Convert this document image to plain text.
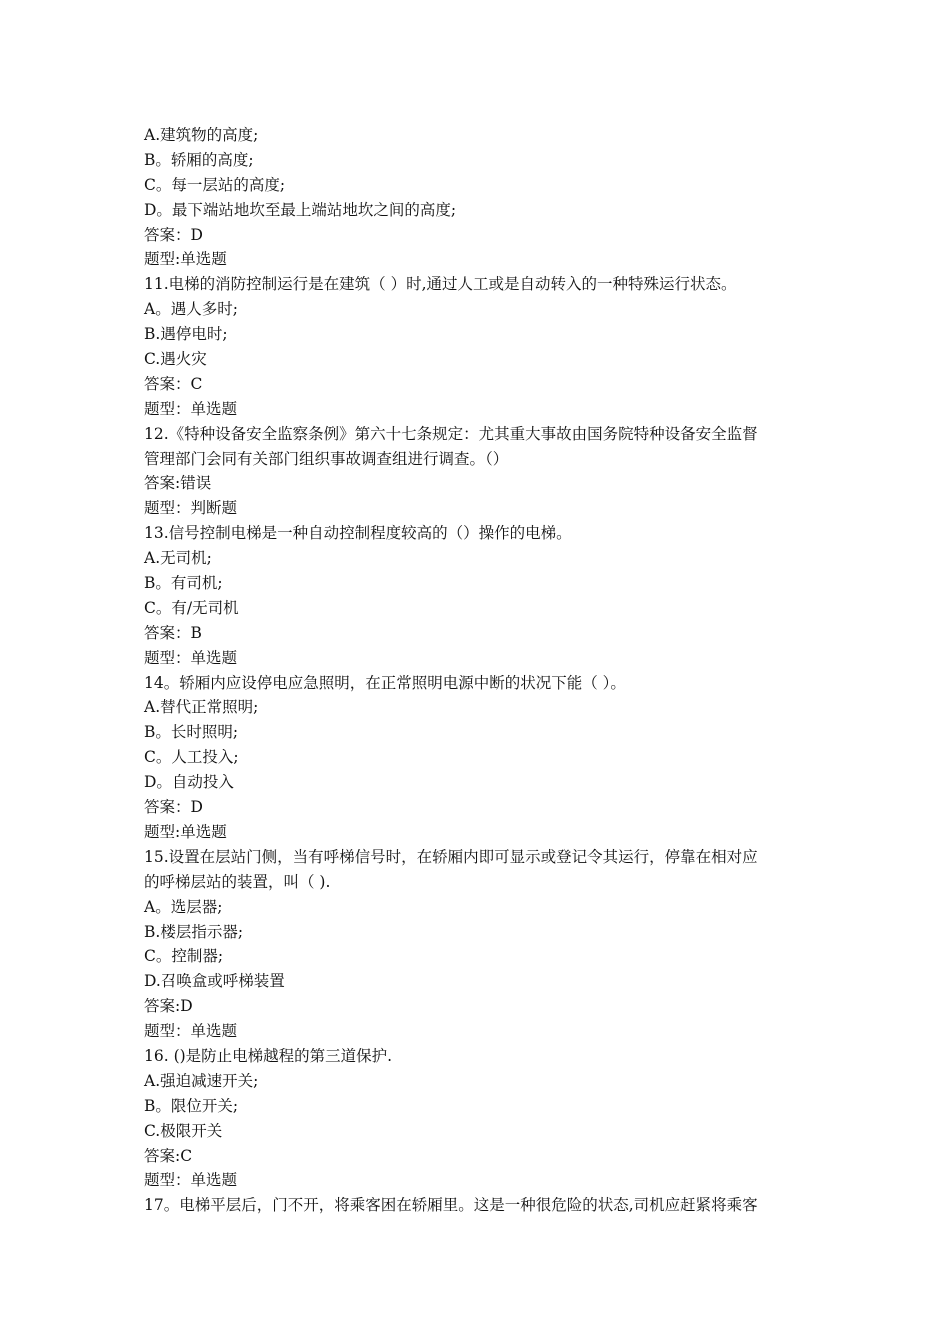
A.建筑物的高度;
B。轿厢的高度;
C。每一层站的高度;
D。最下端站地坎至最上端站地坎之间的高度;
答案：D
题型:单选题
11.电梯的消防控制运行是在建筑（ ）时,通过人工或是自动转入的一种特殊运行状态。
A。遇人多时;
B.遇停电时;
C.遇火灾
答案：C
题型：单选题
12.《特种设备安全监察条例》第六十七条规定：尤其重大事故由国务院特种设备安全监督
管理部门会同有关部门组织事故调查组进行调查。（）
答案:错误
题型：判断题
13.信号控制电梯是一种自动控制程度较高的（）操作的电梯。
A.无司机;
B。有司机;
C。有/无司机
答案：B
题型：单选题
14。轿厢内应设停电应急照明，在正常照明电源中断的状况下能（ ）。
A.替代正常照明;
B。长时照明;
C。人工投入;
D。自动投入
答案：D
题型:单选题
15.设置在层站门侧，当有呼梯信号时，在轿厢内即可显示或登记令其运行，停靠在相对应
的呼梯层站的装置，叫（ ).
A。选层器;
B.楼层指示器;
C。控制器;
D.召唤盒或呼梯装置
答案:D
题型：单选题
16. ()是防止电梯越程的第三道保护.
A.强迫减速开关;
B。限位开关;
C.极限开关
答案:C
题型：单选题
17。电梯平层后，门不开，将乘客困在轿厢里。这是一种很危险的状态,司机应赶紧将乘客
